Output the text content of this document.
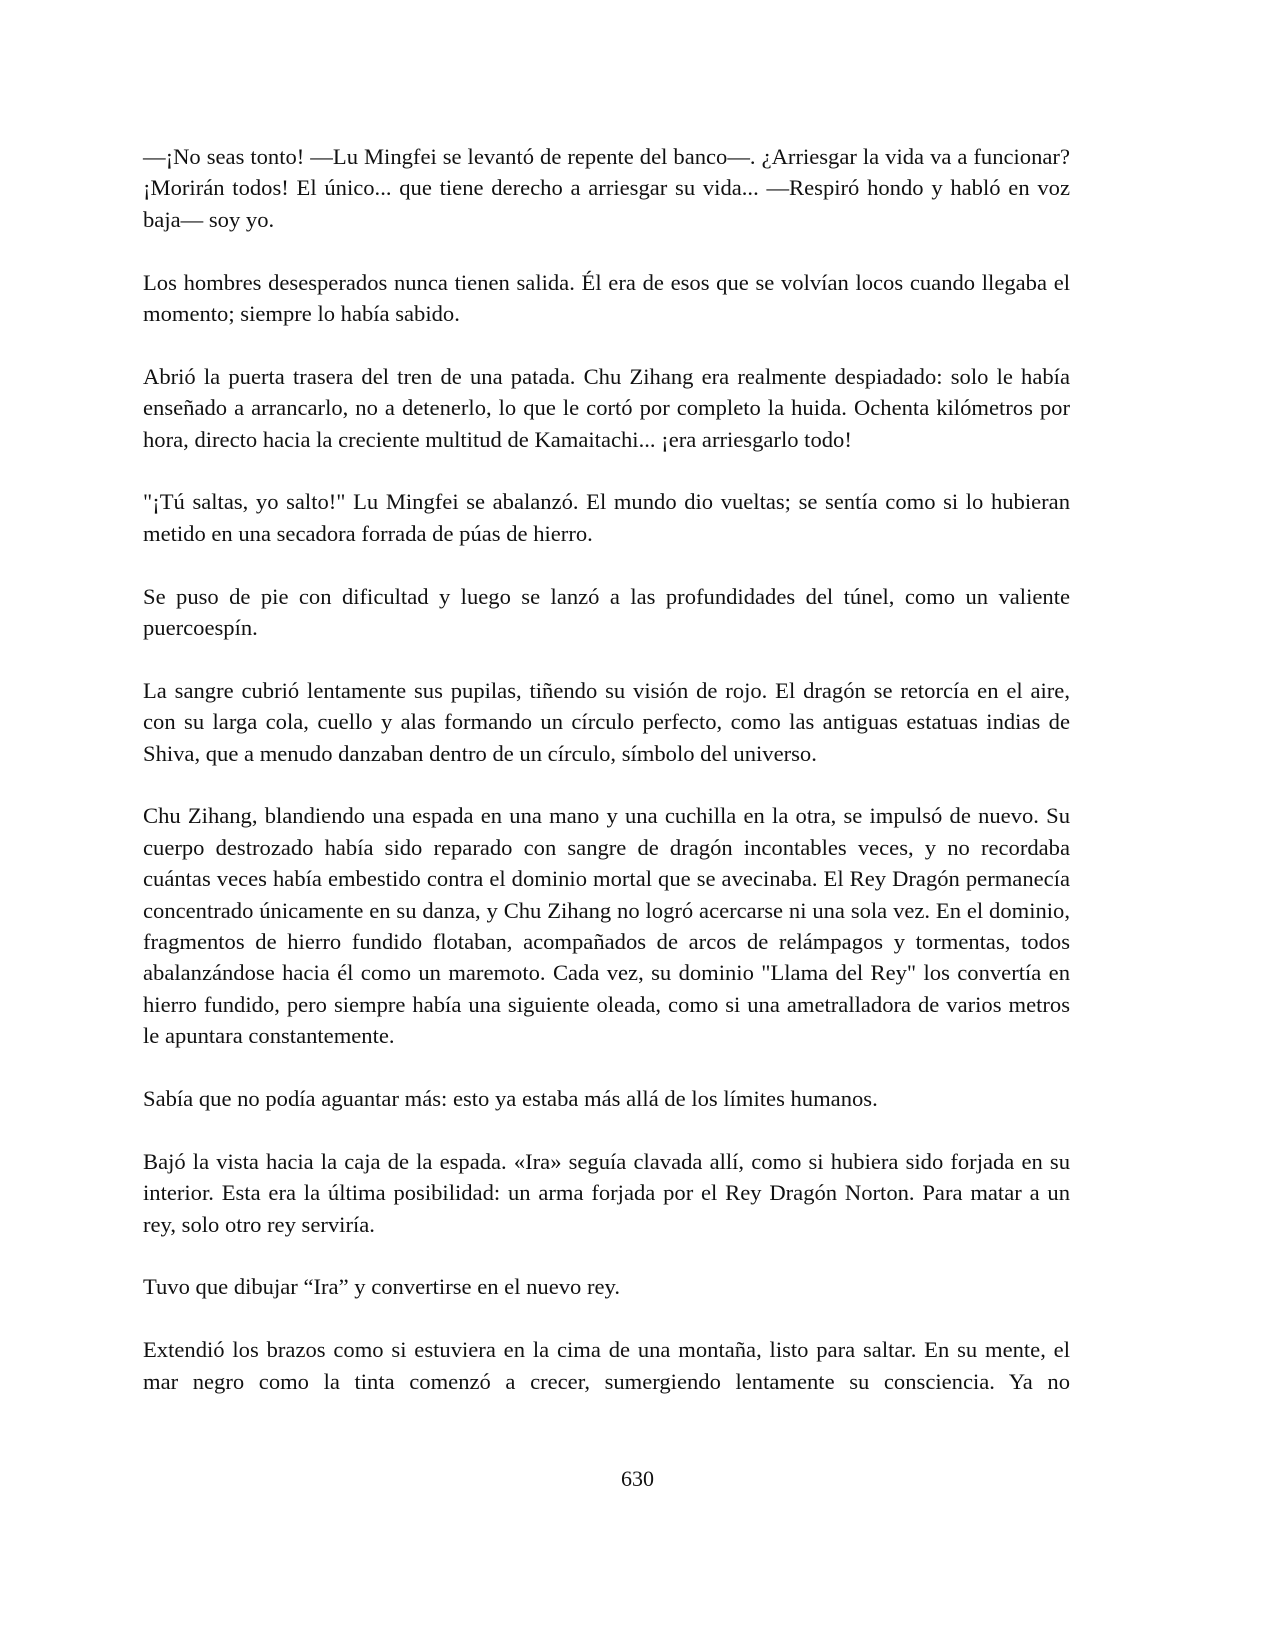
—¡No seas tonto! —Lu Mingfei se levantó de repente del banco—. ¿Arriesgar la vida va a funcionar? ¡Morirán todos! El único... que tiene derecho a arriesgar su vida... —Respiró hondo y habló en voz baja— soy yo.

Los hombres desesperados nunca tienen salida. Él era de esos que se volvían locos cuando llegaba el momento; siempre lo había sabido.

Abrió la puerta trasera del tren de una patada. Chu Zihang era realmente despiadado: solo le había enseñado a arrancarlo, no a detenerlo, lo que le cortó por completo la huida. Ochenta kilómetros por hora, directo hacia la creciente multitud de Kamaitachi... ¡era arriesgarlo todo!

"¡Tú saltas, yo salto!" Lu Mingfei se abalanzó. El mundo dio vueltas; se sentía como si lo hubieran metido en una secadora forrada de púas de hierro.

Se puso de pie con dificultad y luego se lanzó a las profundidades del túnel, como un valiente puercoespín.

La sangre cubrió lentamente sus pupilas, tiñendo su visión de rojo. El dragón se retorcía en el aire, con su larga cola, cuello y alas formando un círculo perfecto, como las antiguas estatuas indias de Shiva, que a menudo danzaban dentro de un círculo, símbolo del universo.

Chu Zihang, blandiendo una espada en una mano y una cuchilla en la otra, se impulsó de nuevo. Su cuerpo destrozado había sido reparado con sangre de dragón incontables veces, y no recordaba cuántas veces había embestido contra el dominio mortal que se avecinaba. El Rey Dragón permanecía concentrado únicamente en su danza, y Chu Zihang no logró acercarse ni una sola vez. En el dominio, fragmentos de hierro fundido flotaban, acompañados de arcos de relámpagos y tormentas, todos abalanzándose hacia él como un maremoto. Cada vez, su dominio "Llama del Rey" los convertía en hierro fundido, pero siempre había una siguiente oleada, como si una ametralladora de varios metros le apuntara constantemente.

Sabía que no podía aguantar más: esto ya estaba más allá de los límites humanos.

Bajó la vista hacia la caja de la espada. «Ira» seguía clavada allí, como si hubiera sido forjada en su interior. Esta era la última posibilidad: un arma forjada por el Rey Dragón Norton. Para matar a un rey, solo otro rey serviría.

Tuvo que dibujar “Ira” y convertirse en el nuevo rey.

Extendió los brazos como si estuviera en la cima de una montaña, listo para saltar. En su mente, el mar negro como la tinta comenzó a crecer, sumergiendo lentamente su consciencia. Ya no

630
